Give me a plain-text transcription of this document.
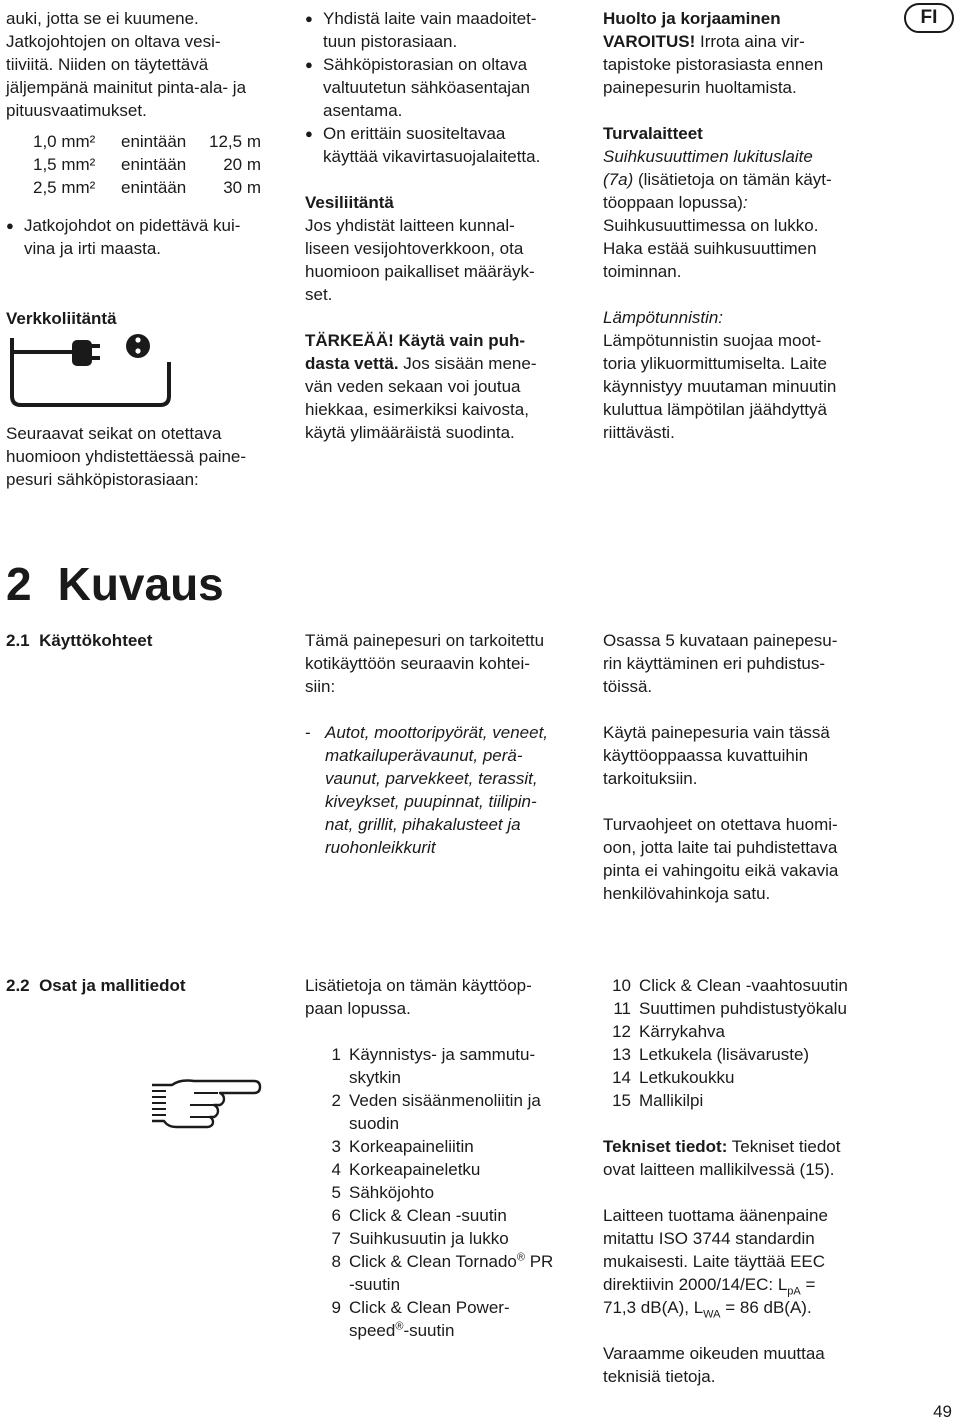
auki, jotta se ei kuumene.

Jatkojohtojen on oltava vesi-

tiiviitä. Niiden on täytettävä

jäljempänä mainitut pinta-ala- ja

pituusvaatimukset.

1,0 mm²	enintään	12,5 m
1,5 mm²	enintään	20 m
2,5 mm²	enintään	30 m
● Jatkojohdot on pidettävä kui-

vina ja irti maasta.

Verkkoliitäntä

Seuraavat seikat on otettava

huomioon yhdistettäessä paine-

pesuri sähköpistorasiaan:

● Yhdistä laite vain maadoitet-

tuun pistorasiaan.

● Sähköpistorasian on oltava

valtuutetun sähköasentajan

asentama.

● On erittäin suositeltavaa

käyttää vikavirtasuojalaitetta.

Vesiliitäntä

Jos yhdistät laitteen kunnal-

liseen vesijohtoverkkoon, ota

huomioon paikalliset määräyk-

set.

TÄRKEÄÄ! Käytä vain puh-

dasta vettä. Jos sisään mene-

vän veden sekaan voi joutua

hiekkaa, esimerkiksi kaivosta,

käytä ylimääräistä suodinta.

Huolto ja korjaaminen

VAROITUS! Irrota aina vir-

tapistoke pistorasiasta ennen

painepesurin huoltamista.

Turvalaitteet

Suihkusuuttimen lukituslaite

(7a) (lisätietoja on tämän käyt-

töoppaan lopussa):

Suihkusuuttimessa on lukko.

Haka estää suihkusuuttimen

toiminnan.

Lämpötunnistin:

Lämpötunnistin suojaa moot-

toria ylikuormittumiselta. Laite

käynnistyy muutaman minuutin

kuluttua lämpötilan jäähdyttyä

riittävästi.

FI
2 Kuvaus

2.1  Käyttökohteet	Tämä painepesuri on tarkoitettu

kotikäyttöön seuraavin kohtei-

siin:

- Autot, moottoripyörät, veneet,

matkailuperävaunut, perä-

vaunut, parvekkeet, terassit,

kiveykset, puupinnat, tiilipin-

nat, grillit, pihakalusteet ja

ruohonleikkurit

Osassa 5 kuvataan painepesu-

rin käyttäminen eri puhdistus-

töissä.

Käytä painepesuria vain tässä

käyttöoppaassa kuvattuihin

tarkoituksiin.

Turvaohjeet on otettava huomi-

oon, jotta laite tai puhdistettava

pinta ei vahingoitu eikä vakavia

henkilövahinkoja satu.

2.2  Osat ja mallitiedot	Lisätietoja on tämän käyttöop-

paan lopussa.

1 Käynnistys- ja sammutu-

skytkin

2 Veden sisäänmenoliitin ja

suodin

3 Korkeapaineliitin

4 Korkeapaineletku

5 Sähköjohto

6 Click & Clean -suutin

7 Suihkusuutin ja lukko

8 Click & Clean Tornado® PR

-suutin

9 Click & Clean Power-

speed®-suutin

10 Click & Clean -vaahtosuutin
11 Suuttimen puhdistustyökalu
12 Kärrykahva
13 Letkukela (lisävaruste)
14 Letkukoukku
15 Mallikilpi

Tekniset tiedot: Tekniset tiedot

ovat laitteen mallikilvessä (15).

Laitteen tuottama äänenpaine

mitattu ISO 3744 standardin

mukaisesti. Laite täyttää EEC

direktiivin 2000/14/EC: $L_{pA}$ =

71,3 dB(A), $L_{WA} = 86$ dB(A).

Varaamme oikeuden muuttaa

teknisiä tietoja.

49
